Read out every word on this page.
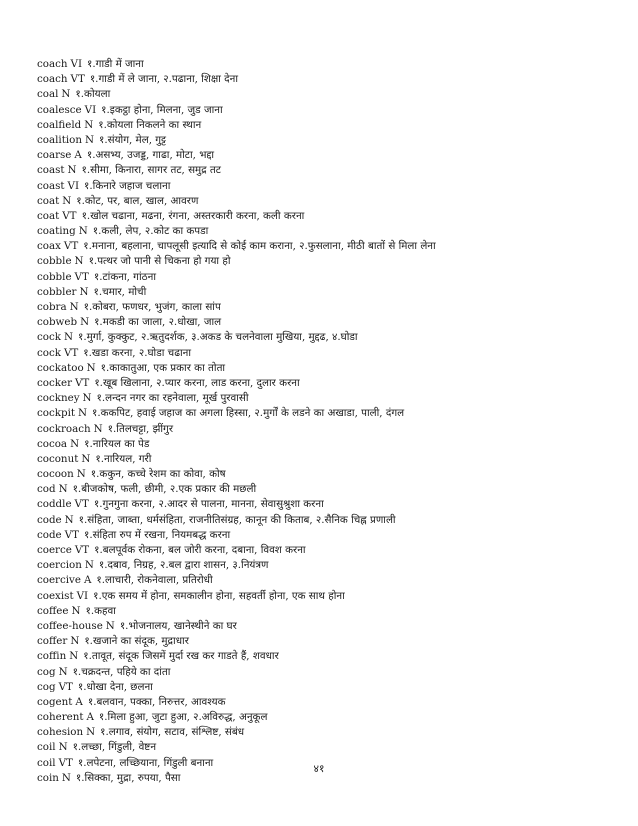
coach VI १.गाडी में जाना
coach VT १.गाडी में ले जाना, २.पढाना, शिक्षा देना
coal N १.कोयला
coalesce VI १.इकट्ठा होना, मिलना, जुड जाना
coalfield N १.कोयला निकलने का स्थान
coalition N १.संयोग, मेल, गुट्ट
coarse A १.असभ्य, उजड्ड, गाढा, मोटा, भद्दा
coast N १.सीमा, किनारा, सागर तट, समुद्र तट
coast VI १.किनारे जहाज चलाना
coat N १.कोट, पर, बाल, खाल, आवरण
coat VT १.खोल चढाना, मढना, रंगना, अस्तरकारी करना, कली करना
coating N १.कली, लेप, २.कोट का कपडा
coax VT १.मनाना, बहलाना, चापलूसी इत्यादि से कोई काम कराना, २.फुसलाना, मीठी बातों से मिला लेना
cobble N १.पत्थर जो पानी से चिकना हो गया हो
cobble VT १.टांकना, गांठना
cobbler N १.चमार, मोची
cobra N १.कोबरा, फणधर, भुजंग, काला सांप
cobweb N १.मकडी का जाला, २.धोखा, जाल
cock N १.मुर्गा, कुक्कुट, २.ऋतुदर्शक, ३.अकड के चलनेवाला मुखिया, मुद्दढ, ४.घोडा
cock VT १.खडा करना, २.घोडा चढाना
cockatoo N १.काकातुआ, एक प्रकार का तोता
cocker VT १.खूब खिलाना, २.प्यार करना, लाड करना, दुलार करना
cockney N १.लन्दन नगर का रहनेवाला, मूर्ख पुरवासी
cockpit N १.ककपिट, हवाई जहाज का अगला हिस्सा, २.मुर्गों के लडने का अखाडा, पाली, दंगल
cockroach N १.तिलचट्टा, झींगुर
cocoa N १.नारियल का पेड
coconut N १.नारियल, गरी
cocoon N १.ककुन, कच्चे रेशम का कोवा, कोष
cod N १.बीजकोष, फली, छीमी, २.एक प्रकार की मछली
coddle VT १.गुनगुना करना, २.आदर से पालना, मानना, सेवासुश्रुशा करना
code N १.संहिता, जाब्ता, धर्मसंहिता, राजनीतिसंग्रह, कानून की किताब, २.सैनिक चिह्न प्रणाली
code VT १.संहिता रुप में रखना, नियमबद्ध करना
coerce VT १.बलपूर्वक रोकना, बल जोरी करना, दबाना, विवश करना
coercion N १.दबाव, निग्रह, २.बल द्वारा शासन, ३.नियंत्रण
coercive A १.लाचारी, रोकनेवाला, प्रतिरोधी
coexist VI १.एक समय में होना, समकालीन होना, सहवर्ती होना, एक साथ होना
coffee N १.कहवा
coffee-house N १.भोजनालय, खानेस्थीने का घर
coffer N १.खजाने का संदूक, मुद्राधार
coffin N १.तावूत, संदूक जिसमें मुर्दा रख कर गाडते हैं, शवधार
cog N १.चक्रदन्त, पहिये का दांता
cog VT १.धोखा देना, छलना
cogent A १.बलवान, पक्का, निरुत्तर, आवश्यक
coherent A १.मिला हुआ, जुटा हुआ, २.अविरुद्ध, अनुकूल
cohesion N १.लगाव, संयोग, सटाव, संश्लिष्ट, संबंध
coil N १.लच्छा, गिंडुली, वेष्टन
coil VT १.लपेटना, लच्छियाना, गिंडुली बनाना
coin N १.सिक्का, मुद्रा, रुपया, पैसा
४१
